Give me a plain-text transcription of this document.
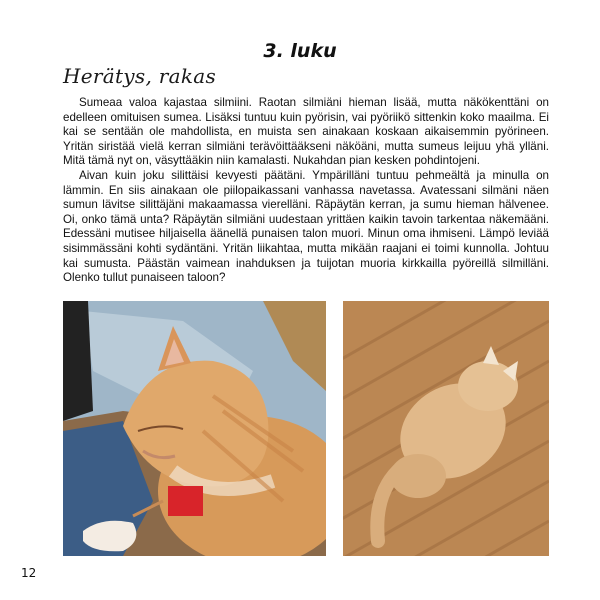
3. luku
Herätys, rakas

Sumeaa valoa kajastaa silmiini. Raotan silmiäni hieman lisää, mutta näkökenttäni on edelleen omituisen sumea. Lisäksi tuntuu kuin pyörisin, vai pyöriikö sittenkin koko maailma. Ei kai se sentään ole mahdollista, en muista sen ainakaan koskaan aikaisemmin pyörineen. Yritän siristää vielä kerran silmiäni terävöittääkseni näköäni, mutta sumeus leijuu yhä ylläni. Mitä tämä nyt on, väsyttääkin niin kamalasti. Nukahdan pian kesken pohdintojeni.

Aivan kuin joku silittäisi kevyesti päätäni. Ympärilläni tuntuu pehmeältä ja minulla on lämmin. En siis ainakaan ole piilopaikassani vanhassa navetassa. Avatessani silmäni näen sumun lävitse silittäjäni makaamassa vierelläni. Räpäytän kerran, ja sumu hieman hälvenee. Oi, onko tämä unta? Räpäytän silmiäni uudestaan yrittäen kaikin tavoin tarkentaa näkemääni. Edessäni mutisee hiljaisella äänellä punaisen talon muori. Minun oma ihmiseni. Lämpö leviää sisimmässäni kohti sydäntäni. Yritän liikahtaa, mutta mikään raajani ei toimi kunnolla. Johtuu kai sumusta. Päästän vaimean inahduksen ja tuijotan muoria kirkkailla pyöreillä silmilläni. Olenko tullut punaiseen taloon?

12
